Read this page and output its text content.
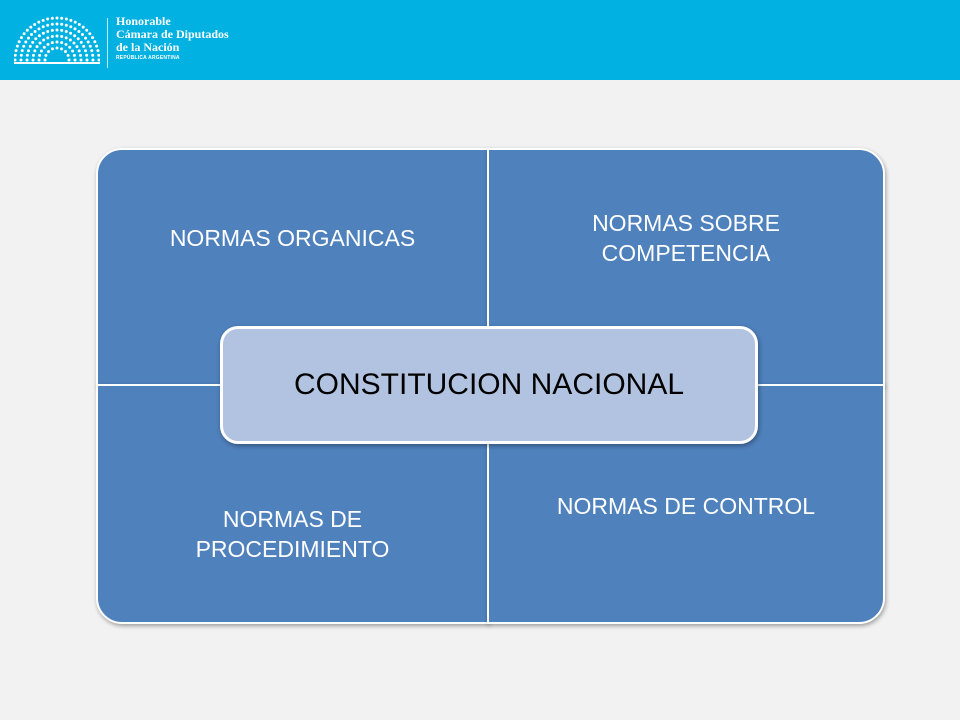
Honorable
Cámara de Diputados
de la Nación
REPÚBLICA ARGENTINA
NORMAS ORGANICAS
NORMAS SOBRE COMPETENCIA
NORMAS DE PROCEDIMIENTO
NORMAS DE CONTROL
CONSTITUCION NACIONAL
